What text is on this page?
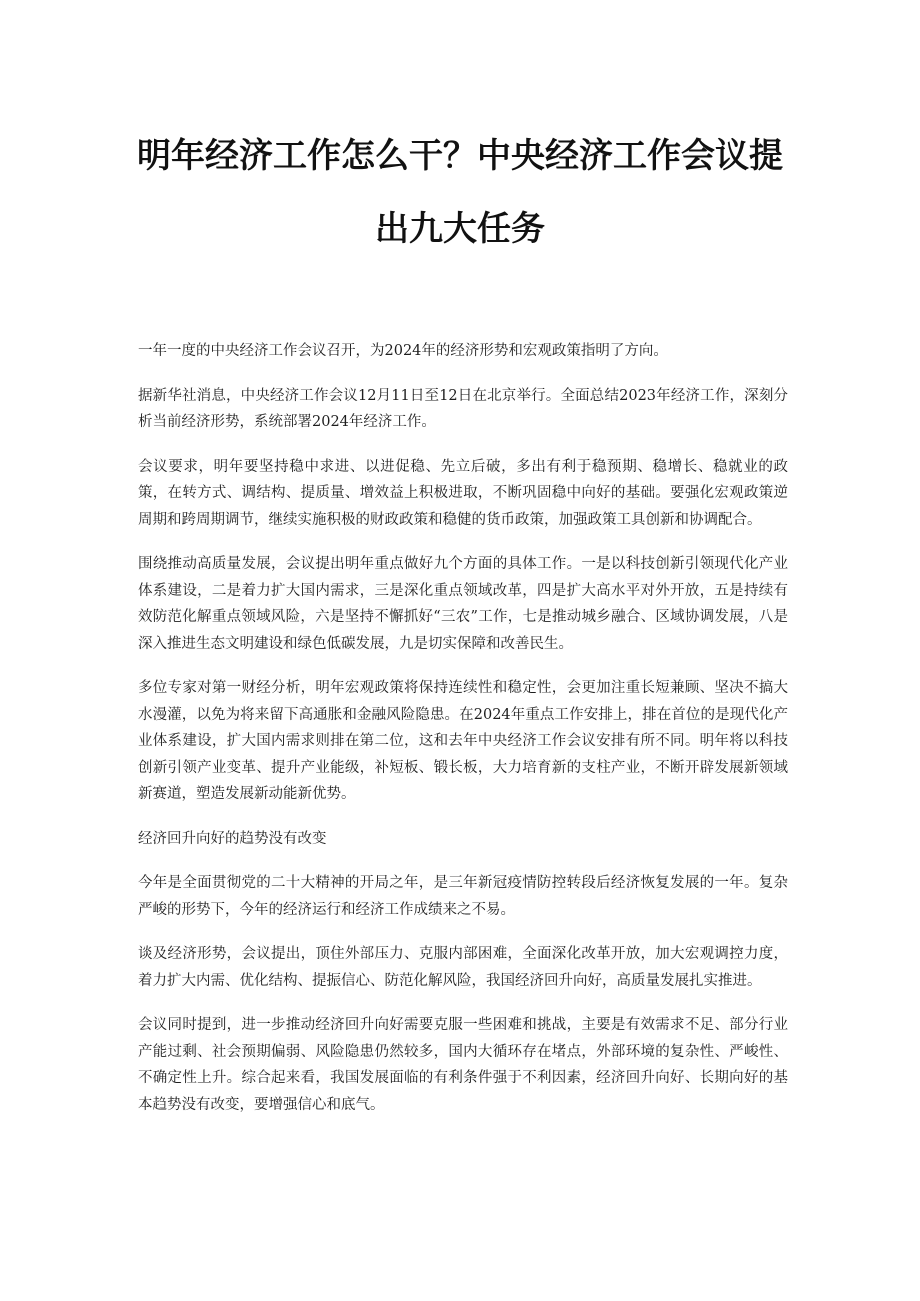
明年经济工作怎么干？中央经济工作会议提
出九大任务

一年一度的中央经济工作会议召开，为2024年的经济形势和宏观政策指明了方向。

据新华社消息，中央经济工作会议12月11日至12日在北京举行。全面总结2023年经济工作，深刻分析当前经济形势，系统部署2024年经济工作。

会议要求，明年要坚持稳中求进、以进促稳、先立后破，多出有利于稳预期、稳增长、稳就业的政策，在转方式、调结构、提质量、增效益上积极进取，不断巩固稳中向好的基础。要强化宏观政策逆周期和跨周期调节，继续实施积极的财政政策和稳健的货币政策，加强政策工具创新和协调配合。

围绕推动高质量发展，会议提出明年重点做好九个方面的具体工作。一是以科技创新引领现代化产业体系建设，二是着力扩大国内需求，三是深化重点领域改革，四是扩大高水平对外开放，五是持续有效防范化解重点领域风险，六是坚持不懈抓好“三农”工作，七是推动城乡融合、区域协调发展，八是深入推进生态文明建设和绿色低碳发展，九是切实保障和改善民生。

多位专家对第一财经分析，明年宏观政策将保持连续性和稳定性，会更加注重长短兼顾、坚决不搞大水漫灌，以免为将来留下高通胀和金融风险隐患。在2024年重点工作安排上，排在首位的是现代化产业体系建设，扩大国内需求则排在第二位，这和去年中央经济工作会议安排有所不同。明年将以科技创新引领产业变革、提升产业能级，补短板、锻长板，大力培育新的支柱产业，不断开辟发展新领域新赛道，塑造发展新动能新优势。

经济回升向好的趋势没有改变

今年是全面贯彻党的二十大精神的开局之年，是三年新冠疫情防控转段后经济恢复发展的一年。复杂严峻的形势下，今年的经济运行和经济工作成绩来之不易。

谈及经济形势，会议提出，顶住外部压力、克服内部困难，全面深化改革开放，加大宏观调控力度，着力扩大内需、优化结构、提振信心、防范化解风险，我国经济回升向好，高质量发展扎实推进。

会议同时提到，进一步推动经济回升向好需要克服一些困难和挑战，主要是有效需求不足、部分行业产能过剩、社会预期偏弱、风险隐患仍然较多，国内大循环存在堵点，外部环境的复杂性、严峻性、不确定性上升。综合起来看，我国发展面临的有利条件强于不利因素，经济回升向好、长期向好的基本趋势没有改变，要增强信心和底气。
